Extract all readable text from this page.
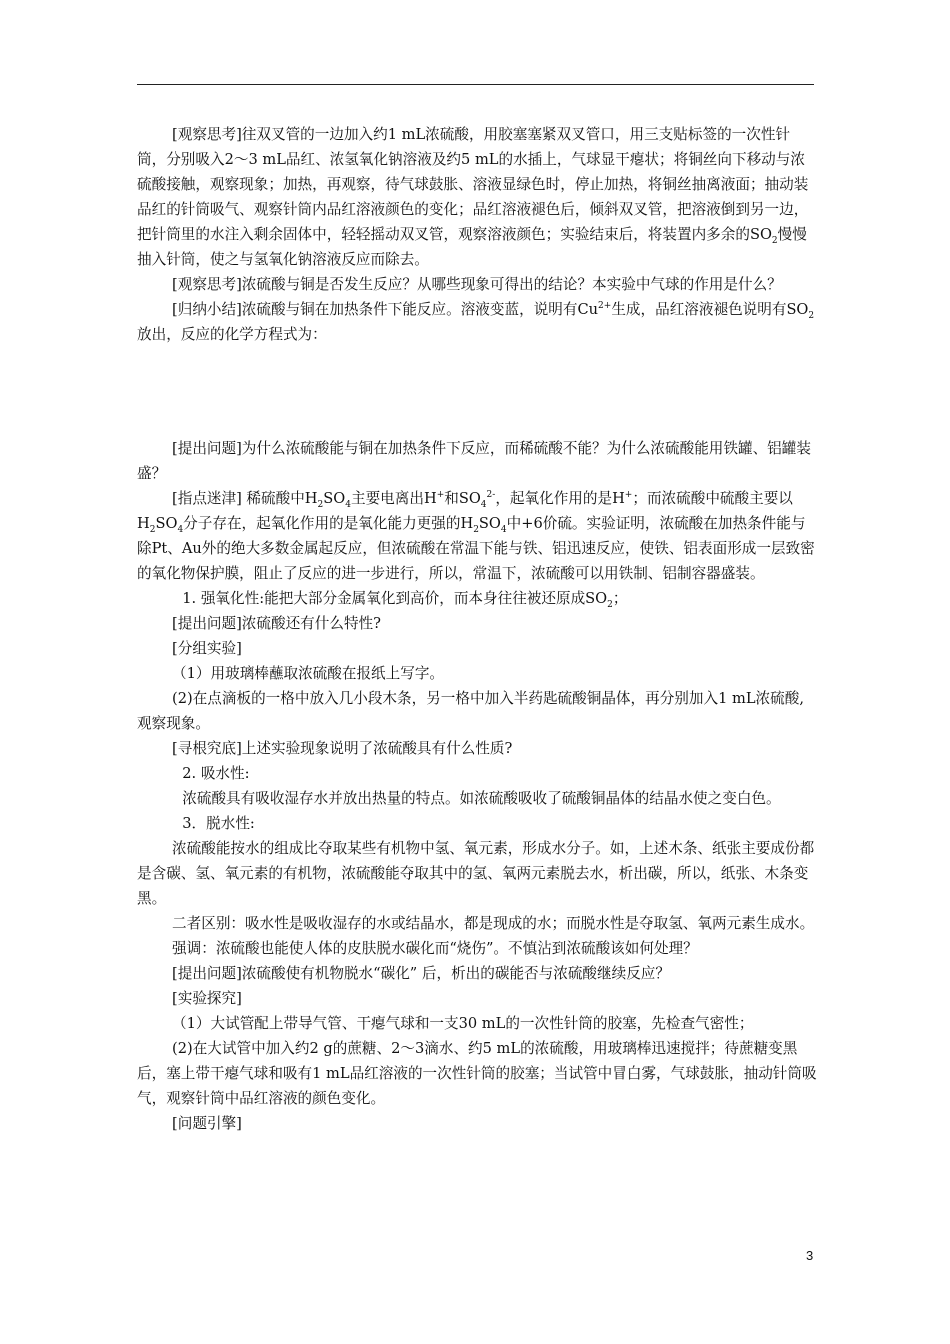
[观察思考]往双叉管的一边加入约1 mL浓硫酸，用胶塞塞紧双叉管口，用三支贴标签的一次性针筒，分别吸入2～3 mL品红、浓氢氧化钠溶液及约5 mL的水插上，气球显干瘪状；将铜丝向下移动与浓硫酸接触，观察现象；加热，再观察，待气球鼓胀、溶液显绿色时，停止加热，将铜丝抽离液面；抽动装品红的针筒吸气、观察针筒内品红溶液颜色的变化；品红溶液褪色后，倾斜双叉管，把溶液倒到另一边，把针筒里的水注入剩余固体中，轻轻摇动双叉管，观察溶液颜色；实验结束后，将装置内多余的$SO_2$慢慢抽入针筒，使之与氢氧化钠溶液反应而除去。

[观察思考]浓硫酸与铜是否发生反应？从哪些现象可得出的结论？本实验中气球的作用是什么？

[归纳小结]浓硫酸与铜在加热条件下能反应。溶液变蓝，说明有$Cu^{2+}$生成，品红溶液褪色说明有$SO_2$放出，反应的化学方程式为：

[提出问题]为什么浓硫酸能与铜在加热条件下反应，而稀硫酸不能？为什么浓硫酸能用铁罐、铝罐装盛？

[指点迷津] 稀硫酸中$H_2SO_4$主要电离出H+和$SO_4^{2-}$，起氧化作用的是H+；而浓硫酸中硫酸主要以$H_2SO_4$分子存在，起氧化作用的是氧化能力更强的$H_2SO_4$中+6价硫。实验证明，浓硫酸在加热条件能与除Pt、Au外的绝大多数金属起反应，但浓硫酸在常温下能与铁、铝迅速反应，使铁、铝表面形成一层致密的氧化物保护膜，阻止了反应的进一步进行，所以，常温下，浓硫酸可以用铁制、铝制容器盛装。

1. 强氧化性:能把大部分金属氧化到高价，而本身往往被还原成$SO_2$；

[提出问题]浓硫酸还有什么特性?

[分组实验]

（1）用玻璃棒蘸取浓硫酸在报纸上写字。

(2)在点滴板的一格中放入几小段木条，另一格中加入半药匙硫酸铜晶体，再分别加入1 mL浓硫酸,观察现象。

[寻根究底]上述实验现象说明了浓硫酸具有什么性质?

2. 吸水性:

浓硫酸具有吸收湿存水并放出热量的特点。如浓硫酸吸收了硫酸铜晶体的结晶水使之变白色。

3．脱水性:

浓硫酸能按水的组成比夺取某些有机物中氢、氧元素，形成水分子。如，上述木条、纸张主要成份都是含碳、氢、氧元素的有机物，浓硫酸能夺取其中的氢、氧两元素脱去水，析出碳，所以，纸张、木条变黑。

二者区别：吸水性是吸收湿存的水或结晶水，都是现成的水；而脱水性是夺取氢、氧两元素生成水。

强调：浓硫酸也能使人体的皮肤脱水碳化而“烧伤”。不慎沾到浓硫酸该如何处理？

[提出问题]浓硫酸使有机物脱水“碳化” 后，析出的碳能否与浓硫酸继续反应？

[实验探究]

（1）大试管配上带导气管、干瘪气球和一支30 mL的一次性针筒的胶塞，先检查气密性；

(2)在大试管中加入约2 g的蔗糖、2～3滴水、约5 mL的浓硫酸，用玻璃棒迅速搅拌；待蔗糖变黑后，塞上带干瘪气球和吸有1 mL品红溶液的一次性针筒的胶塞；当试管中冒白雾，气球鼓胀，抽动针筒吸气，观察针筒中品红溶液的颜色变化。

[问题引擎]

3
